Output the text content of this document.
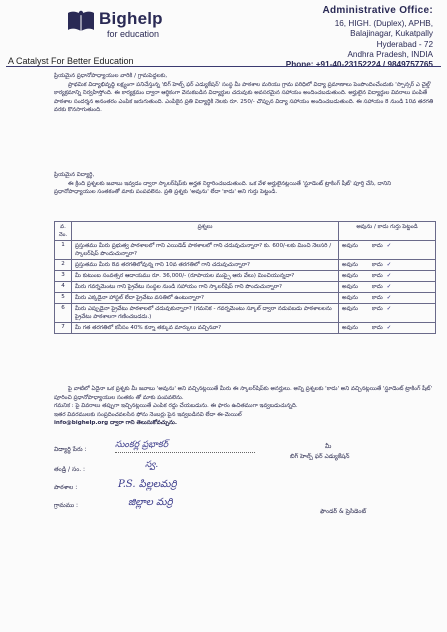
Bighelp
for education
A Catalyst For Better Education
Administrative Office:
16, HIGH. (Duplex), APHB,
Balajinagar, Kukatpally
Hyderabad - 72
Andhra Pradesh, INDIA
Phone: +91-40-23152224 / 9849757765

ప్రియమైన ప్రధానోపాధ్యాయుల వారికి / గ్రామపెద్దలకు,

ప్రాథమిక విద్యాభివృద్ధి లక్ష్యంగా పనిచేస్తున్న 'బిగ్ హెల్ప్ ఫర్ ఎడ్యుకేషన్' సంస్థ మీ పాఠశాల మరియు గ్రామ పరిధిలో విద్యా ప్రమాణాలు పెంపొందించేందుకు 'స్పాన్సర్ ఎ చైల్డ్' కార్యక్రమాన్ని నిర్వహిస్తోంది. ఈ కార్యక్రమం ద్వారా ఆర్థికంగా వెనుకబడిన విద్యార్థుల చదువుకు అవసరమైన సహాయం అందించబడుతుంది. అర్హులైన విద్యార్థుల వివరాలు పంపితే పాఠశాల సందర్శన అనంతరం ఎంపిక జరుగుతుంది. ఎంపికైన ప్రతి విద్యార్థికి నెలకు రూ. 250/- చొప్పున విద్యా సహాయం అందించబడుతుంది. ఈ సహాయం 8 నుండి 10వ తరగతి వరకు కొనసాగుతుంది.

ప్రియమైన విద్యార్థి,

ఈ క్రింది ప్రశ్నలకు జవాబు ఇవ్వడం ద్వారా స్కాలర్‌షిప్‌కు అర్హత నిర్ధారించబడుతుంది. ఒక వేళ అర్హులైనట్లయితే 'స్టూడెంట్ ట్రాకింగ్ షీట్' పూర్తి చేసి, దానిని ప్రధానోపాధ్యాయుల సంతకంతో మాకు పంపవలెను. ప్రతి ప్రశ్నకు 'అవును' లేదా 'కాదు' అని గుర్తు పెట్టండి.

వ. నెం.	ప్రశ్నలు	అవును / కాదు గుర్తు పెట్టండి
1	ప్రస్తుతము మీరు ప్రభుత్వ పాఠశాలలో గాని ఎయిడెడ్ పాఠశాలలో గాని చదువుచున్నారా? కు. 600/-లకు మించి నెలసరి / స్కాలర్‌షిప్ పొందుచున్నారా?	అవును కాదు ✓
2	ప్రస్తుతము మీరు 8వ తరగతిలోవున్న గాని 10వ తరగతిలో గాని చదువుచున్నారా?	అవును కాదు ✓
3	మీ కుటుంబ సంవత్సర ఆదాయము రూ. 36,000/- (రూపాయల ముప్పై ఆరు వేలు) మించియున్నదా?	అవును కాదు ✓
4	మీరు గవర్నమెంటు గాని ప్రైవేటు సంస్థల నుండి సహాయం గాని స్కాలర్‌షిప్ గాని పొందుచున్నారా?	అవును కాదు ✓
5	మీరు ఎక్కడైనా హాస్టల్ లేదా ప్రైవేటు వసతిలో ఉంటున్నారా?	అవును కాదు ✓
6	మీరు ఎప్పుడైనా ప్రైవేటు పాఠశాలలో చదువుకున్నారా? (గమనిక - గవర్నమెంటు స్కూల్ ద్వారా నడుపబడు పాఠశాలలను ప్రైవేటు పాఠశాలగా గణించబడదు.)	అవును కాదు ✓
7	మీ గత తరగతిలో కనీసం 40% కన్నా తక్కువ మార్కులు వచ్చినవా?	అవును కాదు ✓

పై వాటిలో ఏదైనా ఒక ప్రశ్నకు మీ జవాబు 'అవును' అని వచ్చినట్లయితే మీరు ఈ స్కాలర్‌షిప్‌కు అనర్హులు. అన్ని ప్రశ్నలకు 'కాదు' అని వచ్చినట్లయితే 'స్టూడెంట్ ట్రాకింగ్ షీట్' పూరించి ప్రధానోపాధ్యాయుల సంతకం తో మాకు పంపవలెను.

గమనిక : పై వివరాలు తప్పుగా ఇచ్చినట్లయితే ఎంపిక రద్దు చేయబడును. ఈ ఫారం ఉచితముగా ఇవ్వబడుచున్నది.

ఇతర వివరములకు సంప్రదించవలసిన ఫోను నెంబర్లు పైన ఇవ్వబడినవి లేదా ఈ-మెయిల్

info@bighelp.org ద్వారా గాని తెలుసుకోవచ్చును.

విద్యార్థి పేరు :	సుంకర్ల ప్రభాకర్	మీ
బిగ్ హెల్ప్ ఫర్ ఎడ్యుకేషన్
తండ్రి / సం. :	స్వ.
పాఠశాల :	P.S. పిల్లలమర్రి
గ్రామము :	జిల్లాల మర్రి
ఫౌండర్ & ప్రెసిడెంట్
